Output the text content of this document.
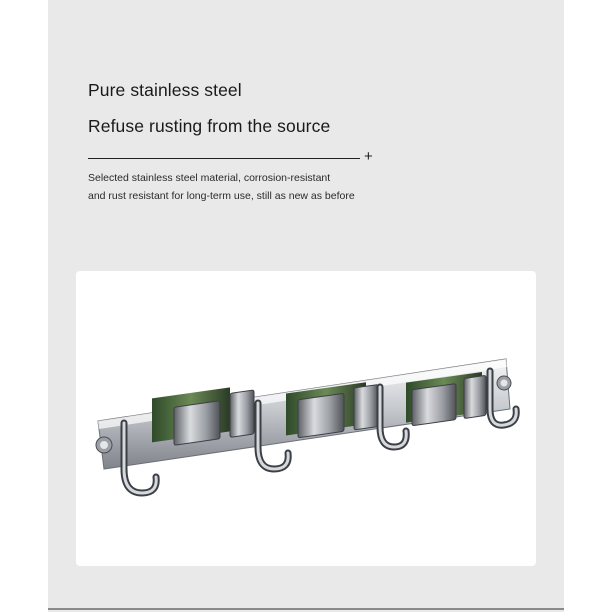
Pure stainless steel
Refuse rusting from the source
+

Selected stainless steel material, corrosion-resistant

and rust resistant for long-term use, still as new as before
